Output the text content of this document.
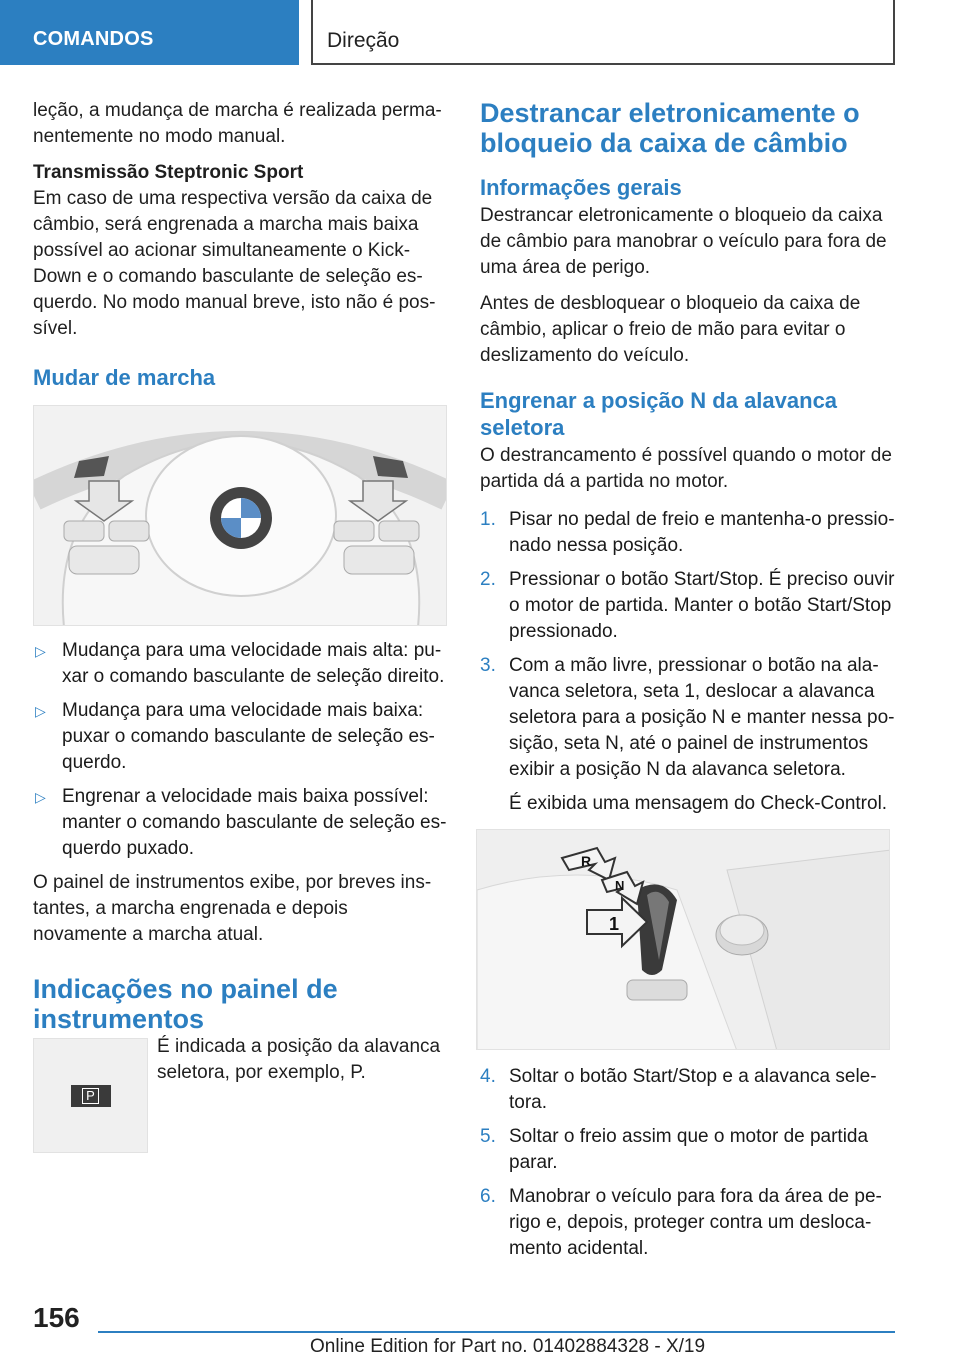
COMANDOS	Direção

leção, a mudança de marcha é realizada permanentemente no modo manual.

Transmissão Steptronic Sport

Em caso de uma respectiva versão da caixa de câmbio, será engrenada a marcha mais baixa possível ao acionar simultaneamente o Kick-Down e o comando basculante de seleção esquerdo. No modo manual breve, isto não é possível.

Mudar de marcha
▷ Mudança para uma velocidade mais alta: puxar o comando basculante de seleção direito.
▷ Mudança para uma velocidade mais baixa: puxar o comando basculante de seleção esquerdo.
▷ Engrenar a velocidade mais baixa possível: manter o comando basculante de seleção esquerdo puxado.

O painel de instrumentos exibe, por breves instantes, a marcha engrenada e depois novamente a marcha atual.

Indicações no painel de instrumentos
P

É indicada a posição da alavanca seletora, por exemplo, P.

Destrancar eletronicamente o bloqueio da caixa de câmbio
Informações gerais

Destrancar eletronicamente o bloqueio da caixa de câmbio para manobrar o veículo para fora de uma área de perigo.

Antes de desbloquear o bloqueio da caixa de câmbio, aplicar o freio de mão para evitar o deslizamento do veículo.

Engrenar a posição N da alavanca seletora

O destrancamento é possível quando o motor de partida dá a partida no motor.

1. Pisar no pedal de freio e mantenha-o pressionado nessa posição.
2. Pressionar o botão Start/Stop. É preciso ouvir o motor de partida. Manter o botão Start/Stop pressionado.
3. Com a mão livre, pressionar o botão na alavanca seletora, seta 1, deslocar a alavanca seletora para a posição N e manter nessa posição, seta N, até o painel de instrumentos exibir a posição N da alavanca seletora.
É exibida uma mensagem do Check-Control.
R
N
1
4. Soltar o botão Start/Stop e a alavanca seletora.
5. Soltar o freio assim que o motor de partida parar.
6. Manobrar o veículo para fora da área de perigo e, depois, proteger contra um deslocamento acidental.
156
Online Edition for Part no. 01402884328 - X/19
